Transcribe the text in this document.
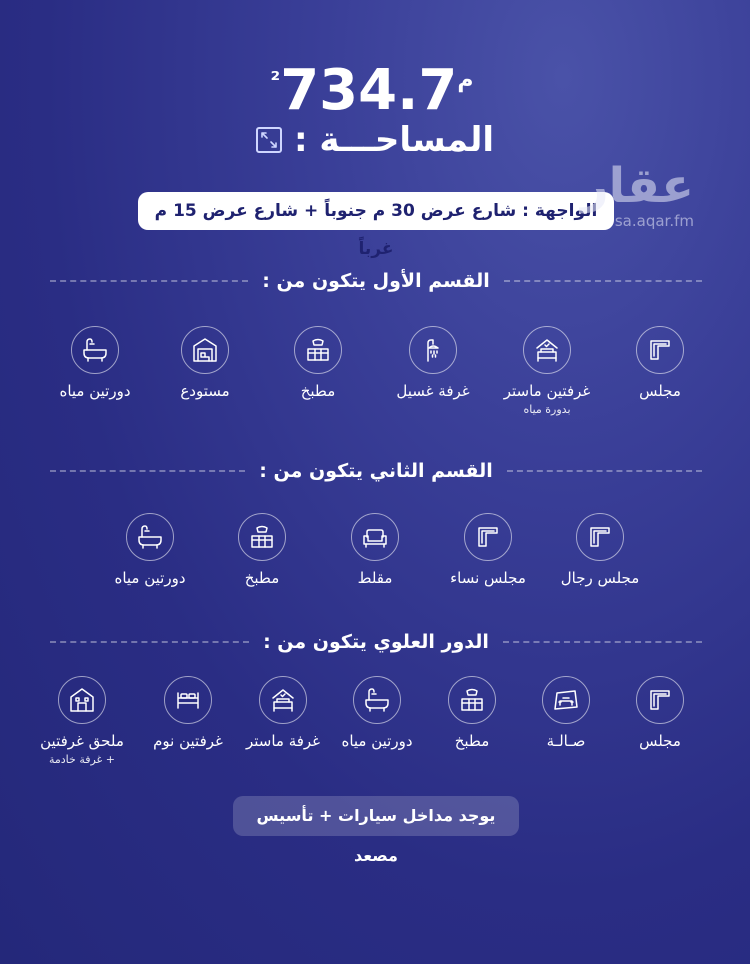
م²734.7
المساحـــة :
الواجهة : شارع عرض 30 م جنوباً + شارع عرض 15 م غرباً
عقار
sa.aqar.fm
القسم الأول يتكون من :
مجلس
غرفتين ماستر
بدورة مياه
غرفة غسيل
مطبخ
مستودع
دورتين مياه
القسم الثاني يتكون من :
مجلس رجال
مجلس نساء
مقلط
مطبخ
دورتين مياه
الدور العلوي يتكون من :
مجلس
صـالـة
مطبخ
دورتين مياه
غرفة ماستر
غرفتين نوم
ملحق غرفتين
+ غرفة خادمة
يوجد مداخل سيارات + تأسيس مصعد
